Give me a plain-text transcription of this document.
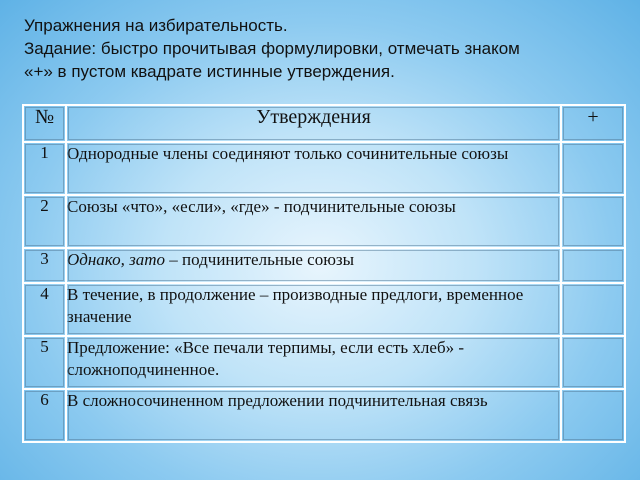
Упражнения на избирательность.
Задание: быстро прочитывая формулировки, отмечать знаком
«+» в пустом квадрате истинные утверждения.
№	Утверждения	+
1	Однородные члены соединяют только сочинительные союзы	
2	Союзы «что», «если», «где» - подчинительные союзы	
3	Однако, зато – подчинительные союзы	
4	В течение, в продолжение – производные предлоги, временное значение	
5	Предложение: «Все печали терпимы, если есть хлеб» - сложноподчиненное.	
6	В сложносочиненном предложении подчинительная связь	
